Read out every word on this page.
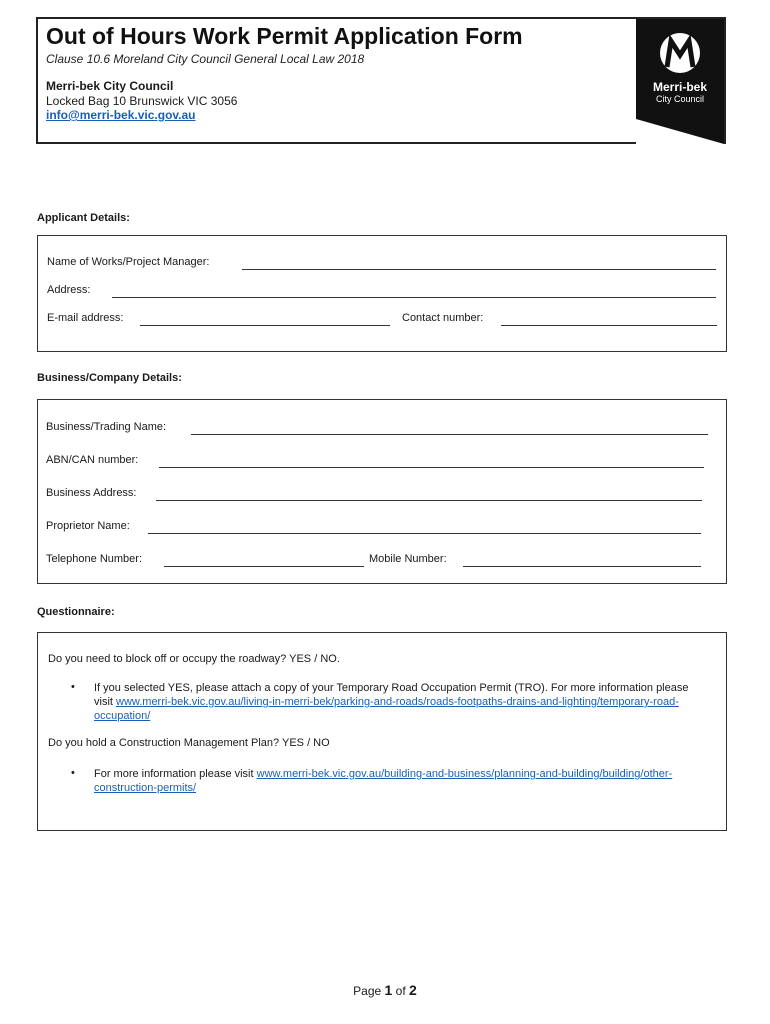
Out of Hours Work Permit Application Form
Clause 10.6 Moreland City Council General Local Law 2018
Merri-bek City Council
Locked Bag 10 Brunswick VIC 3056
info@merri-bek.vic.gov.au
Merri-bek
City Council
Applicant Details:
Name of Works/Project Manager:
Address:
E-mail address:	Contact number:
Business/Company Details:
Business/Trading Name:
ABN/CAN number:
Business Address:
Proprietor Name:
Telephone Number:	Mobile Number:
Questionnaire:
Do you need to block off or occupy the roadway? YES / NO.
• If you selected YES, please attach a copy of your Temporary Road Occupation Permit (TRO). For more information please visit www.merri-bek.vic.gov.au/living-in-merri-bek/parking-and-roads/roads-footpaths-drains-and-lighting/temporary-road-occupation/
Do you hold a Construction Management Plan? YES / NO
• For more information please visit www.merri-bek.vic.gov.au/building-and-business/planning-and-building/building/other-construction-permits/
Page 1 of 2
